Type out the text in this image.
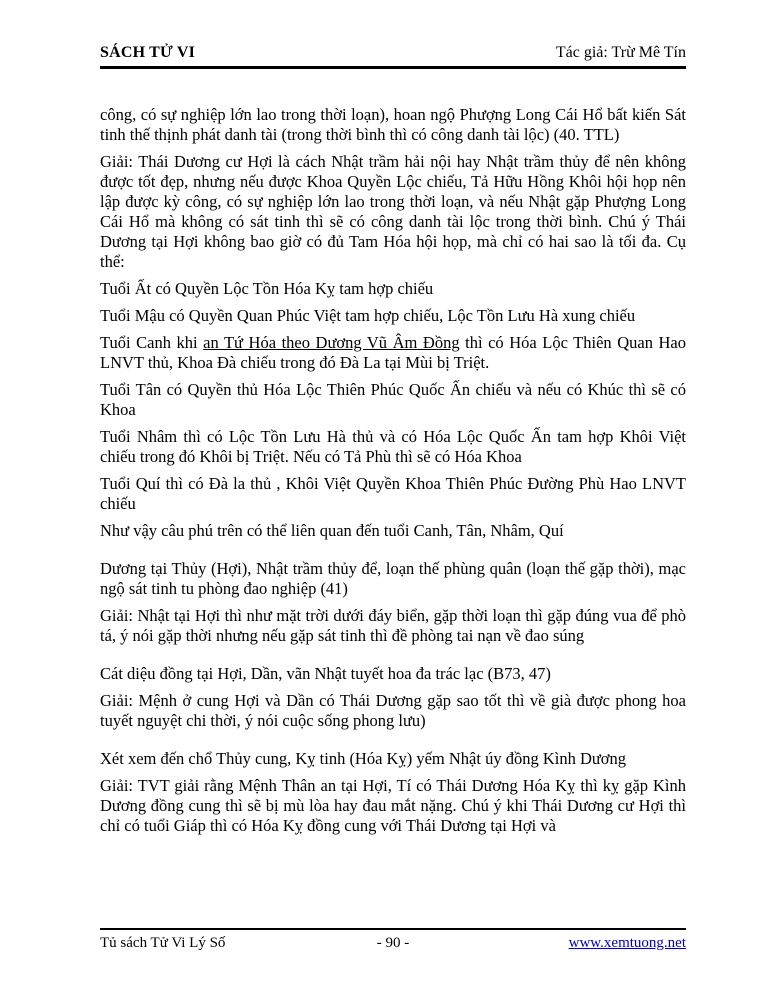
SÁCH TỬ VI	Tác giả: Trừ Mê Tín

công, có sự nghiệp lớn lao trong thời loạn), hoan ngộ Phượng Long Cái Hổ bất kiến Sát tinh thế thịnh phát danh tài (trong thời bình thì có công danh tài lộc) (40. TTL)

Giải: Thái Dương cư Hợi là cách Nhật trầm hải nội hay Nhật trầm thủy để nên không được tốt đẹp, nhưng nếu được Khoa Quyền Lộc chiếu, Tả Hữu Hồng Khôi hội họp nên lập được kỳ công, có sự nghiệp lớn lao trong thời loạn, và nếu Nhật gặp Phượng Long Cái Hổ mà không có sát tinh thì sẽ có công danh tài lộc trong thời bình. Chú ý Thái Dương tại Hợi không bao giờ có đủ Tam Hóa hội họp, mà chỉ có hai sao là tối đa. Cụ thể:

Tuổi Ất có Quyền Lộc Tồn Hóa Kỵ tam hợp chiếu

Tuổi Mậu có Quyền Quan Phúc Việt tam hợp chiếu, Lộc Tồn Lưu Hà xung chiếu

Tuổi Canh khi an Tứ Hóa theo Dương Vũ Âm Đồng thì có Hóa Lộc Thiên Quan Hao LNVT thủ, Khoa Đà chiếu trong đó Đà La tại Mùi bị Triệt.

Tuổi Tân có Quyền thủ Hóa Lộc Thiên Phúc Quốc Ấn chiếu và nếu có Khúc thì sẽ có Khoa

Tuổi Nhâm thì có Lộc Tồn Lưu Hà thủ và có Hóa Lộc Quốc Ấn tam hợp Khôi Việt chiếu trong đó Khôi bị Triệt. Nếu có Tả Phù thì sẽ có Hóa Khoa

Tuổi Quí thì có Đà la thủ , Khôi Việt Quyền Khoa Thiên Phúc Đường Phù Hao LNVT chiếu

Như vậy câu phú trên có thể liên quan đến tuổi Canh, Tân, Nhâm, Quí

Dương tại Thủy (Hợi), Nhật trầm thủy để, loạn thế phùng quân (loạn thế gặp thời), mạc ngộ sát tinh tu phòng đao nghiệp (41)

Giải: Nhật tại Hợi thì như mặt trời dưới đáy biển, gặp thời loạn thì gặp đúng vua để phò tá, ý nói gặp thời nhưng nếu gặp sát tinh thì đề phòng tai nạn về đao súng

Cát diệu đồng tại Hợi, Dần, vãn Nhật tuyết hoa đa trác lạc (B73, 47)

Giải: Mệnh ở cung Hợi và Dần có Thái Dương gặp sao tốt thì về già được phong hoa tuyết nguyệt chi thời, ý nói cuộc sống phong lưu)

Xét xem đến chổ Thủy cung, Kỵ tinh (Hóa Kỵ) yếm Nhật úy đồng Kình Dương

Giải: TVT giải rằng Mệnh Thân an tại Hợi, Tí có Thái Dương Hóa Kỵ thì kỵ gặp Kình Dương đồng cung thì sẽ bị mù lòa hay đau mắt nặng. Chú ý khi Thái Dương cư Hợi thì chỉ có tuổi Giáp thì có Hóa Kỵ đồng cung với Thái Dương tại Hợi và

Tủ sách Tử Vi Lý Số	- 90 -	www.xemtuong.net
